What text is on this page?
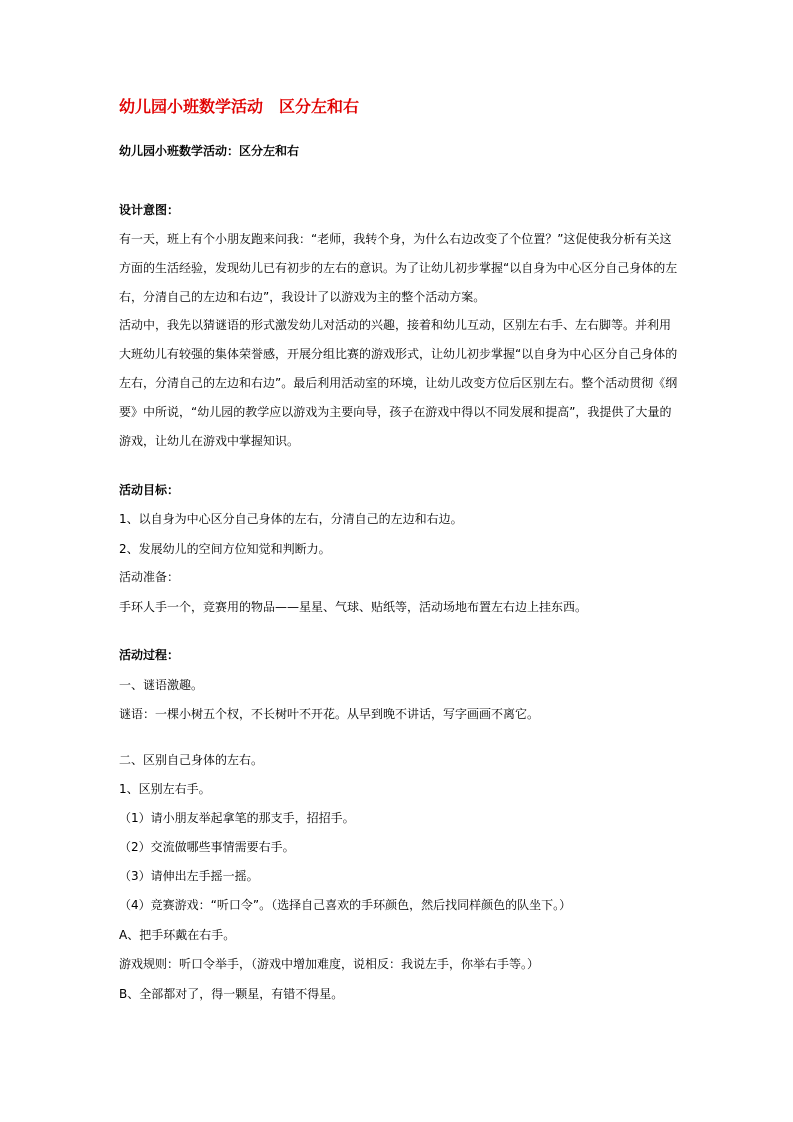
幼儿园小班数学活动　区分左和右
幼儿园小班数学活动：区分左和右
设计意图：
有一天，班上有个小朋友跑来问我：“老师，我转个身，为什么右边改变了个位置？”这促使我分析有关这
方面的生活经验，发现幼儿已有初步的左右的意识。为了让幼儿初步掌握“以自身为中心区分自己身体的左
右，分清自己的左边和右边”，我设计了以游戏为主的整个活动方案。
活动中，我先以猜谜语的形式激发幼儿对活动的兴趣，接着和幼儿互动，区别左右手、左右脚等。并利用
大班幼儿有较强的集体荣誉感，开展分组比赛的游戏形式，让幼儿初步掌握“以自身为中心区分自己身体的
左右，分清自己的左边和右边”。最后利用活动室的环境，让幼儿改变方位后区别左右。整个活动贯彻《纲
要》中所说，“幼儿园的教学应以游戏为主要向导，孩子在游戏中得以不同发展和提高”，我提供了大量的
游戏，让幼儿在游戏中掌握知识。
活动目标：
1、以自身为中心区分自己身体的左右，分清自己的左边和右边。
2、发展幼儿的空间方位知觉和判断力。
活动准备：
手环人手一个，竞赛用的物品——星星、气球、贴纸等，活动场地布置左右边上挂东西。
活动过程：
一、谜语激趣。
谜语：一棵小树五个杈，不长树叶不开花。从早到晚不讲话，写字画画不离它。
二、区别自己身体的左右。
1、区别左右手。
（1）请小朋友举起拿笔的那支手，招招手。
（2）交流做哪些事情需要右手。
（3）请伸出左手摇一摇。
（4）竞赛游戏：“听口令”。（选择自己喜欢的手环颜色，然后找同样颜色的队坐下。）
A、把手环戴在右手。
游戏规则：听口令举手，（游戏中增加难度，说相反：我说左手，你举右手等。）
B、全部都对了，得一颗星，有错不得星。
